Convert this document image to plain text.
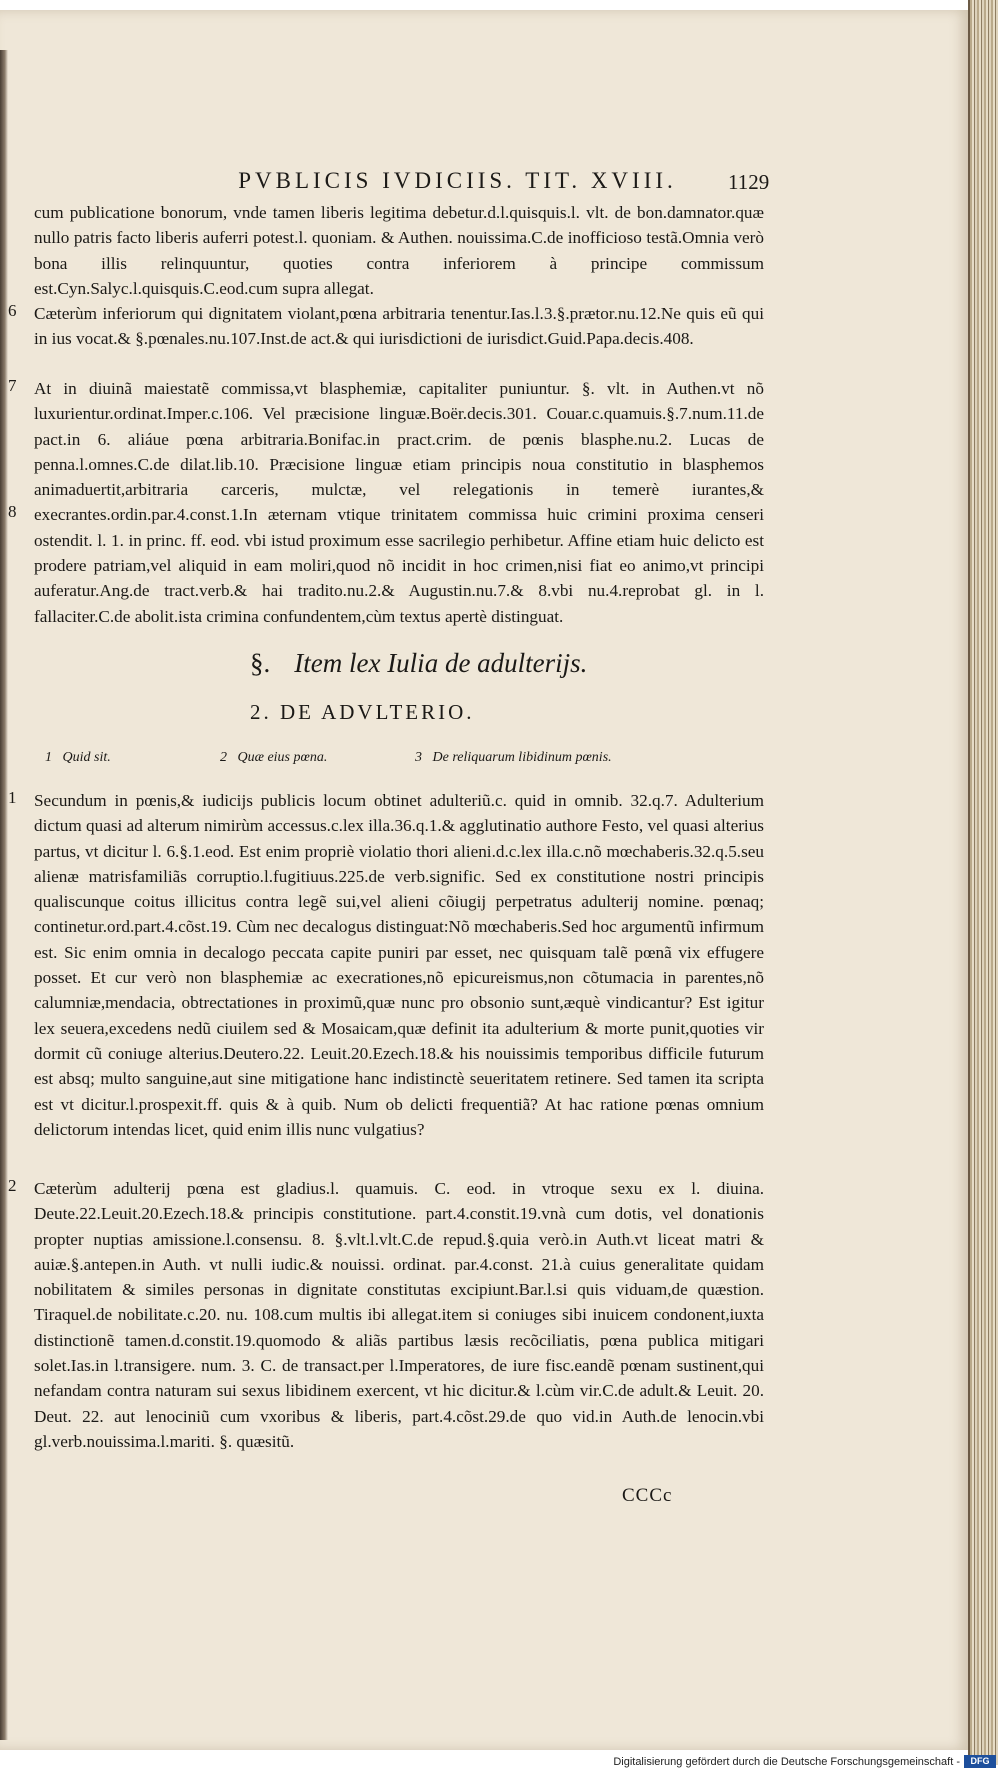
PVBLICIS IVDICIIS. TIT. XVIII.	1129
cum publicatione bonorum, vnde tamen liberis legitima debetur.d.l.quisquis.l. vlt. de bon.damnator.quæ nullo patris facto liberis auferri potest.l. quoniam. & Authen. nouissima.C.de inofficioso testã.Omnia verò bona illis relinquuntur, quoties contra inferiorem à principe commissum est.Cyn.Salyc.l.quisquis.C.eod.cum supra allegat.
6 Cæterùm inferiorum qui dignitatem violant,pœna arbitraria tenentur.Ias.l.3.§.prætor.nu.12.Ne quis eũ qui in ius vocat.& §.pœnales.nu.107.Inst.de act.& qui iurisdictioni de iurisdict.Guid.Papa.decis.408.
7
8
At in diuinã maiestatẽ commissa,vt blasphemiæ, capitaliter puniuntur. §. vlt. in Authen.vt nõ luxurientur.ordinat.Imper.c.106. Vel præcisione linguæ.Boër.decis.301. Couar.c.quamuis.§.7.num.11.de pact.in 6. aliáue pœna arbitraria.Bonifac.in pract.crim. de pœnis blasphe.nu.2. Lucas de penna.l.omnes.C.de dilat.lib.10. Præcisione linguæ etiam principis noua constitutio in blasphemos animaduertit,arbitraria carceris, mulctæ, vel relegationis in temerè iurantes,& execrantes.ordin.par.4.const.1.In æternam vtique trinitatem commissa huic crimini proxima censeri ostendit. l. 1. in princ. ff. eod. vbi istud proximum esse sacrilegio perhibetur. Affine etiam huic delicto est prodere patriam,vel aliquid in eam moliri,quod nõ incidit in hoc crimen,nisi fiat eo animo,vt principi auferatur.Ang.de tract.verb.& hai tradito.nu.2.& Augustin.nu.7.& 8.vbi nu.4.reprobat gl. in l. fallaciter.C.de abolit.ista crimina confundentem,cùm textus apertè distinguat.
§. Item lex Iulia de adulterijs.
2. DE ADVLTERIO.
1 Quid sit.	2 Quæ eius pœna.	3 De reliquarum libidinum pœnis.
1 Secundum in pœnis,& iudicijs publicis locum obtinet adulteriũ.c. quid in omnib. 32.q.7. Adulterium dictum quasi ad alterum nimirùm accessus.c.lex illa.36.q.1.& agglutinatio authore Festo, vel quasi alterius partus, vt dicitur l. 6.§.1.eod. Est enim propriè violatio thori alieni.d.c.lex illa.c.nõ mœchaberis.32.q.5.seu alienæ matrisfamiliãs corruptio.l.fugitiuus.225.de verb.signific. Sed ex constitutione nostri principis qualiscunque coitus illicitus contra legẽ sui,vel alieni cõiugij perpetratus adulterij nomine. pœnaq; continetur.ord.part.4.cõst.19. Cùm nec decalogus distinguat:Nõ mœchaberis.Sed hoc argumentũ infirmum est. Sic enim omnia in decalogo peccata capite puniri par esset, nec quisquam talẽ pœnã vix effugere posset. Et cur verò non blasphemiæ ac execrationes,nõ epicureismus,non cõtumacia in parentes,nõ calumniæ,mendacia, obtrectationes in proximũ,quæ nunc pro obsonio sunt,æquè vindicantur? Est igitur lex seuera,excedens nedũ ciuilem sed & Mosaicam,quæ definit ita adulterium & morte punit,quoties vir dormit cũ coniuge alterius.Deutero.22. Leuit.20.Ezech.18.& his nouissimis temporibus difficile futurum est absq; multo sanguine,aut sine mitigatione hanc indistinctè seueritatem retinere. Sed tamen ita scripta est vt dicitur.l.prospexit.ff. quis & à quib. Num ob delicti frequentiã? At hac ratione pœnas omnium delictorum intendas licet, quid enim illis nunc vulgatius?
2 Cæterùm adulterij pœna est gladius.l. quamuis. C. eod. in vtroque sexu ex l. diuina. Deute.22.Leuit.20.Ezech.18.& principis constitutione. part.4.constit.19.vnà cum dotis, vel donationis propter nuptias amissione.l.consensu. 8. §.vlt.l.vlt.C.de repud.§.quia verò.in Auth.vt liceat matri & auiæ.§.antepen.in Auth. vt nulli iudic.& nouissi. ordinat. par.4.const. 21.à cuius generalitate quidam nobilitatem & similes personas in dignitate constitutas excipiunt.Bar.l.si quis viduam,de quæstion. Tiraquel.de nobilitate.c.20. nu. 108.cum multis ibi allegat.item si coniuges sibi inuicem condonent,iuxta distinctionẽ tamen.d.constit.19.quomodo & aliãs partibus læsis recõciliatis, pœna publica mitigari solet.Ias.in l.transigere. num. 3. C. de transact.per l.Imperatores, de iure fisc.eandẽ pœnam sustinent,qui nefandam contra naturam sui sexus libidinem exercent, vt hic dicitur.& l.cùm vir.C.de adult.& Leuit. 20. Deut. 22. aut lenociniũ cum vxoribus & liberis, part.4.cõst.29.de quo vid.in Auth.de lenocin.vbi gl.verb.nouissima.l.mariti. §. quæsitũ.
CCCc
Digitalisierung gefördert durch die Deutsche Forschungsgemeinschaft -	DFG
